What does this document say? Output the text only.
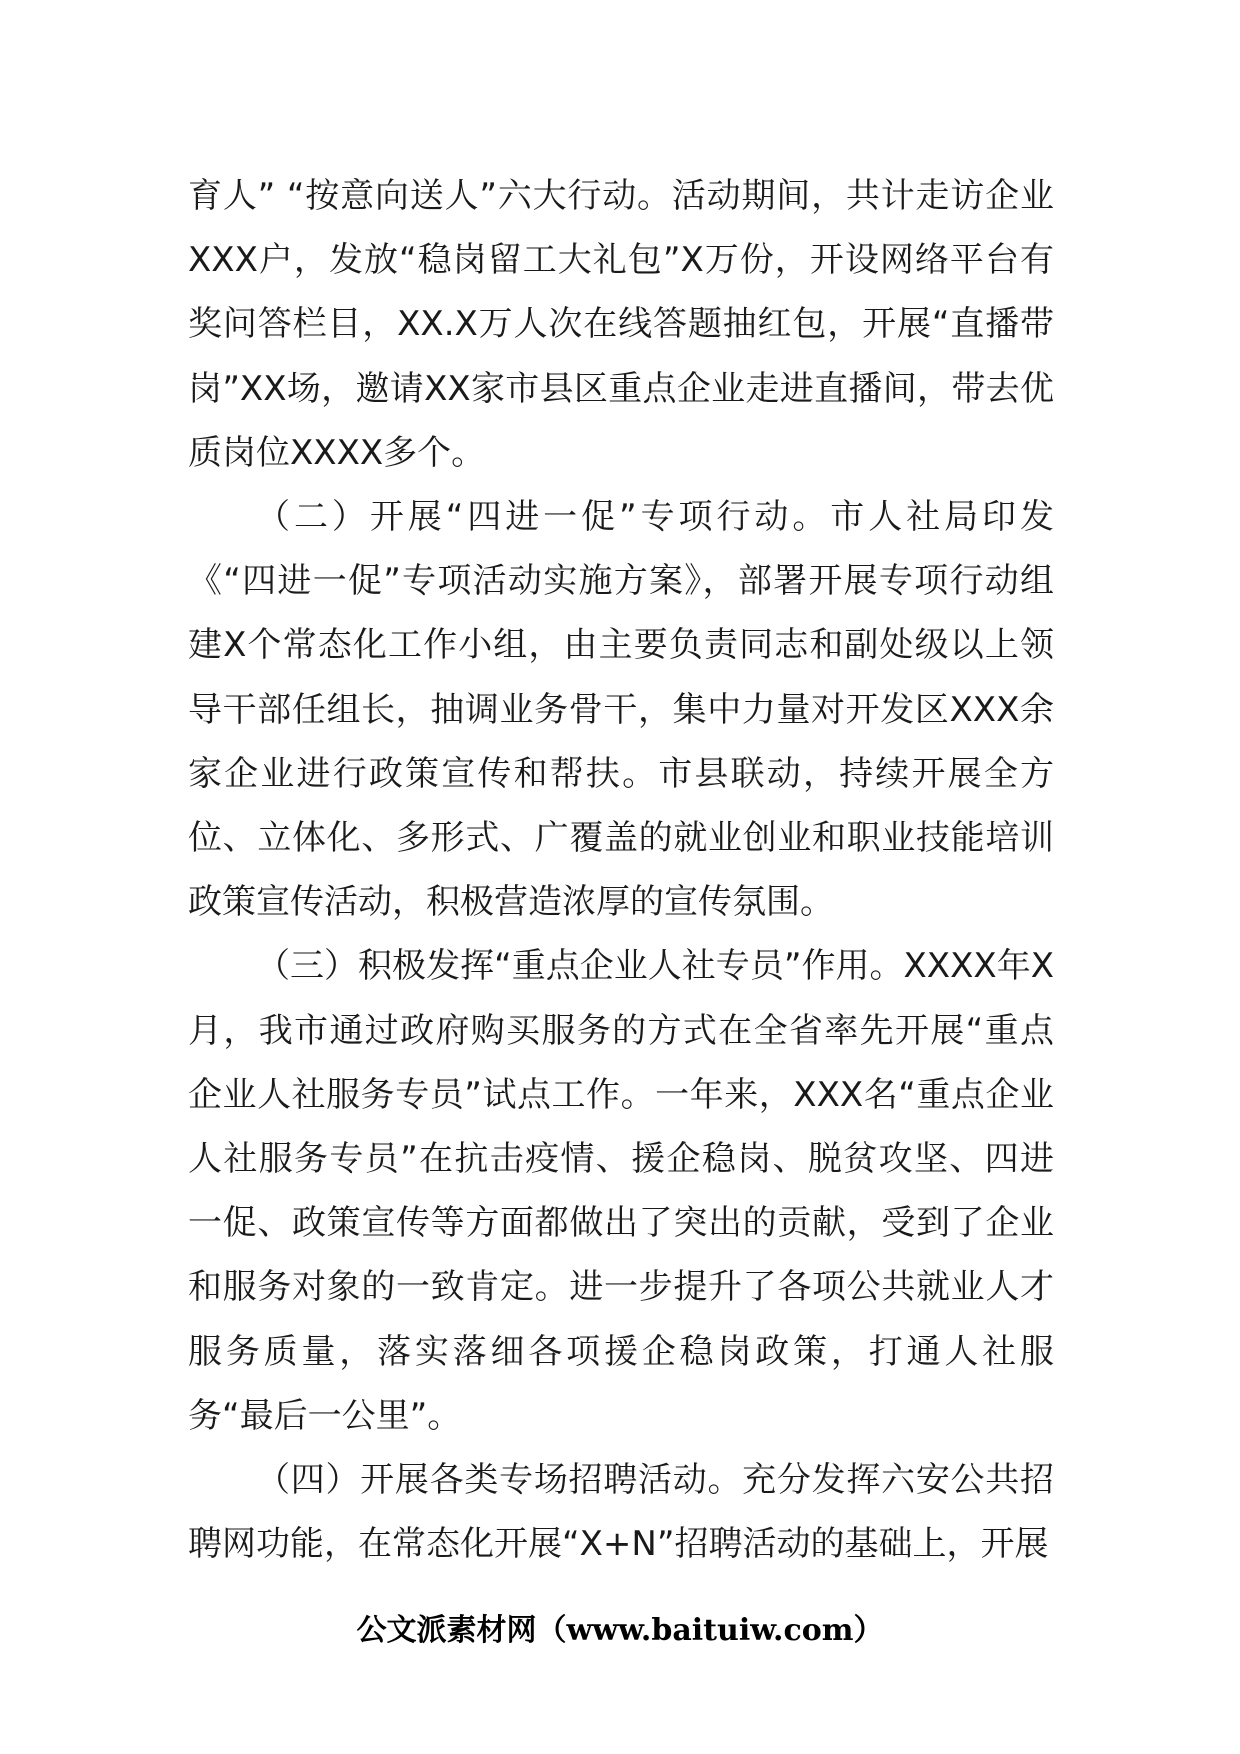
育人” “按意向送人”六大行动。活动期间，共计走访企业XXX户，发放“稳岗留工大礼包”X万份，开设网络平台有奖问答栏目，XX.X万人次在线答题抽红包，开展“直播带岗”XX场，邀请XX家市县区重点企业走进直播间，带去优质岗位XXXX多个。

（二）开展“四进一促”专项行动。市人社局印发《“四进一促”专项活动实施方案》，部署开展专项行动组建X个常态化工作小组，由主要负责同志和副处级以上领导干部任组长，抽调业务骨干，集中力量对开发区XXX余家企业进行政策宣传和帮扶。市县联动，持续开展全方位、立体化、多形式、广覆盖的就业创业和职业技能培训政策宣传活动，积极营造浓厚的宣传氛围。

（三）积极发挥“重点企业人社专员”作用。XXXX年X月，我市通过政府购买服务的方式在全省率先开展“重点企业人社服务专员”试点工作。一年来，XXX名“重点企业人社服务专员”在抗击疫情、援企稳岗、脱贫攻坚、四进一促、政策宣传等方面都做出了突出的贡献，受到了企业和服务对象的一致肯定。进一步提升了各项公共就业人才服务质量，落实落细各项援企稳岗政策，打通人社服务“最后一公里”。

（四）开展各类专场招聘活动。充分发挥六安公共招聘网功能，在常态化开展“X+N”招聘活动的基础上，开展

公文派素材网（www.baituiw.com）
